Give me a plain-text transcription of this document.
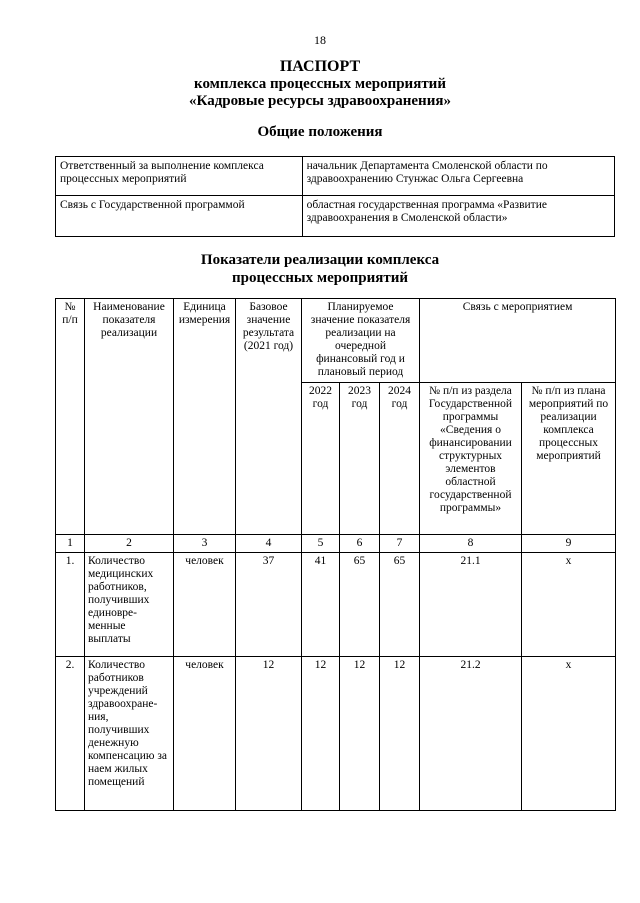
18
ПАСПОРТ
комплекса процессных мероприятий
«Кадровые ресурсы здравоохранения»
Общие положения
Ответственный за выполнение комплекса процессных мероприятий	начальник Департамента Смоленской области по здравоохранению Стунжас Ольга Сергеевна
Связь с Государственной программой	областная государственная программа «Развитие здравоохранения в Смоленской области»
Показатели реализации комплекса
процессных мероприятий
№ п/п	Наименование показателя реализации	Единица измерения	Базовое значение результата (2021 год)	Планируемое значение показателя реализации на очередной финансовый год и плановый период			Связь с мероприятием	
				2022 год	2023 год	2024 год	№ п/п из раздела Государственной программы «Сведения о финансировании структурных элементов областной государственной программы»	№ п/п из плана мероприятий по реализации комплекса процессных мероприятий
1	2	3	4	5	6	7	8	9
1.	Количество медицинских работников, получивших единовре-менные выплаты	человек	37	41	65	65	21.1	х
2.	Количество работников учреждений здравоохране-ния, получивших денежную компенсацию за наем жилых помещений	человек	12	12	12	12	21.2	х
